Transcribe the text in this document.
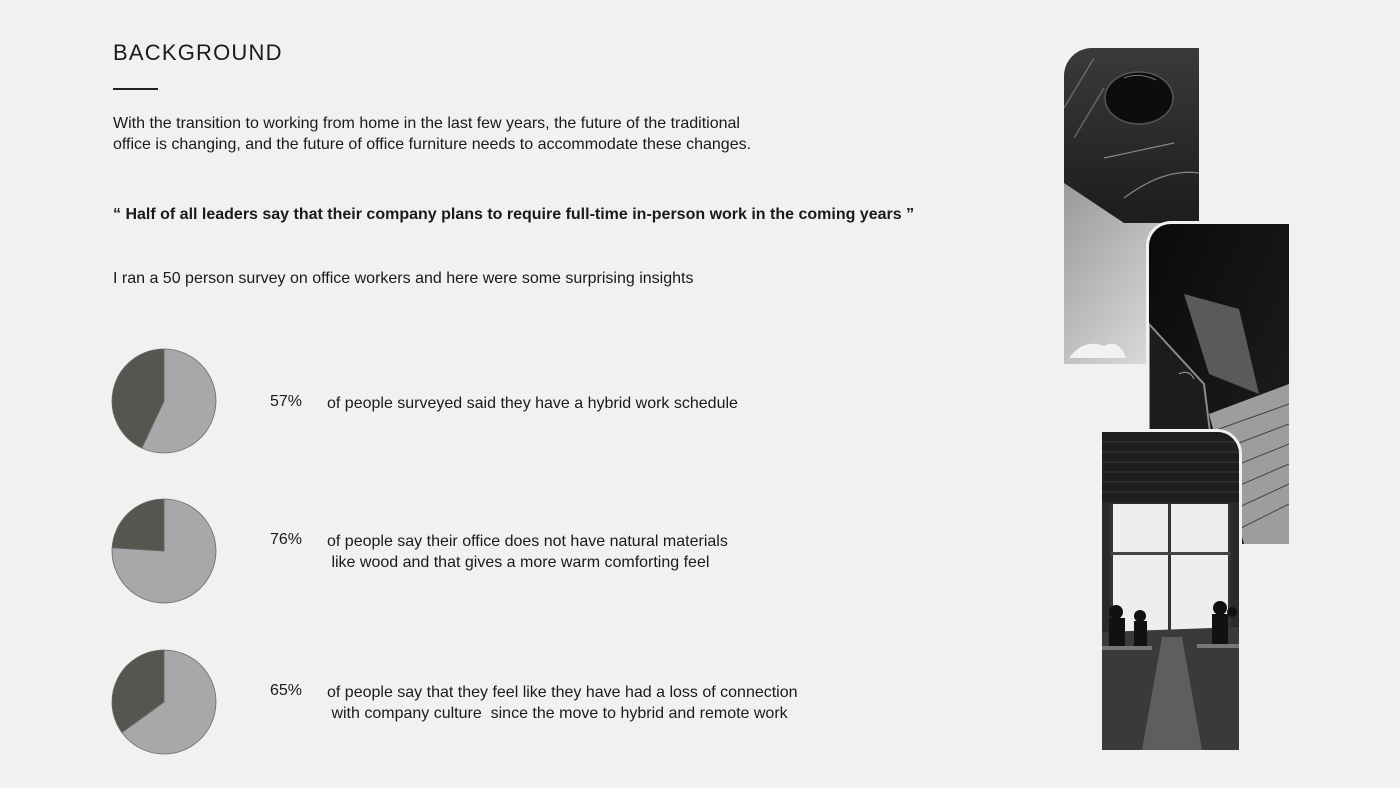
BACKGROUND

With the transition to working from home in the last few years, the future of the traditional office is changing, and the future of office furniture needs to accommodate these changes.

“ Half of all leaders say that their company plans to require full-time in-person work in the coming years ”

I ran a 50 person survey on office workers and here were some surprising insights

57% of people surveyed said they have a hybrid work schedule
76% of people say their office does not have natural materials
like wood and that gives a more warm comforting feel
65% of people say that they feel like they have had a loss of connection
with company culture  since the move to hybrid and remote work
